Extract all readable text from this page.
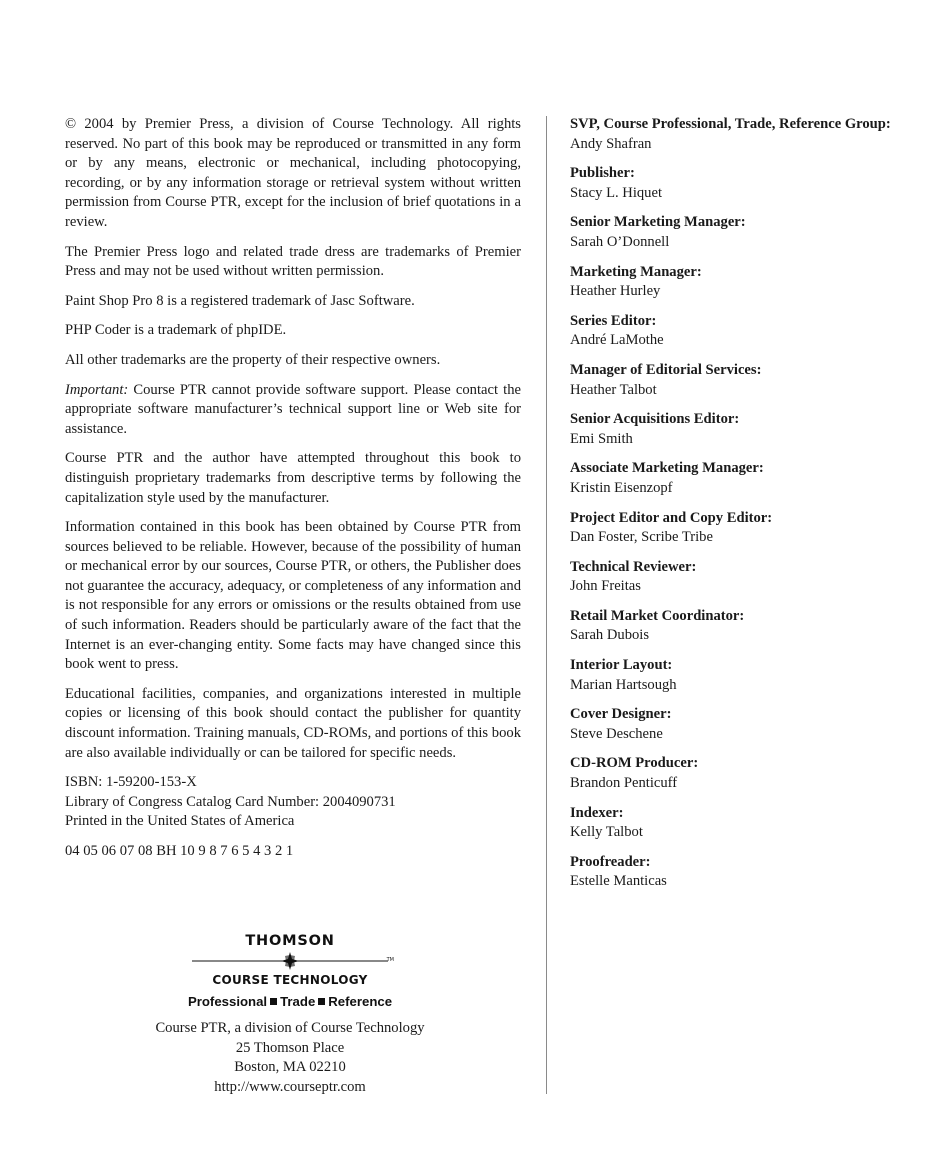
© 2004 by Premier Press, a division of Course Technology. All rights reserved. No part of this book may be reproduced or transmitted in any form or by any means, electronic or mechanical, including photocopying, recording, or by any information storage or retrieval system without written permission from Course PTR, except for the inclusion of brief quotations in a review.

The Premier Press logo and related trade dress are trademarks of Premier Press and may not be used without written permission.

Paint Shop Pro 8 is a registered trademark of Jasc Software.

PHP Coder is a trademark of phpIDE.

All other trademarks are the property of their respective owners.

Important: Course PTR cannot provide software support. Please contact the appropriate software manufacturer’s technical support line or Web site for assistance.

Course PTR and the author have attempted throughout this book to distinguish proprietary trademarks from descriptive terms by following the capitalization style used by the manufacturer.

Information contained in this book has been obtained by Course PTR from sources believed to be reliable. However, because of the possibility of human or mechanical error by our sources, Course PTR, or others, the Publisher does not guarantee the accuracy, adequacy, or completeness of any information and is not responsible for any errors or omissions or the results obtained from use of such information. Readers should be particularly aware of the fact that the Internet is an ever-changing entity. Some facts may have changed since this book went to press.

Educational facilities, companies, and organizations interested in multiple copies or licensing of this book should contact the publisher for quantity discount information. Training manuals, CD-ROMs, and portions of this book are also available individually or can be tailored for specific needs.

ISBN: 1-59200-153-X

Library of Congress Catalog Card Number: 2004090731

Printed in the United States of America

04 05 06 07 08 BH 10 9 8 7 6 5 4 3 2 1

THOMSON
TM
COURSE TECHNOLOGY
Professional Trade Reference
Course PTR, a division of Course Technology
25 Thomson Place
Boston, MA 02210
http://www.courseptr.com
SVP, Course Professional, Trade, Reference Group:
Andy Shafran
Publisher:
Stacy L. Hiquet
Senior Marketing Manager:
Sarah O’Donnell
Marketing Manager:
Heather Hurley
Series Editor:
André LaMothe
Manager of Editorial Services:
Heather Talbot
Senior Acquisitions Editor:
Emi Smith
Associate Marketing Manager:
Kristin Eisenzopf
Project Editor and Copy Editor:
Dan Foster, Scribe Tribe
Technical Reviewer:
John Freitas
Retail Market Coordinator:
Sarah Dubois
Interior Layout:
Marian Hartsough
Cover Designer:
Steve Deschene
CD-ROM Producer:
Brandon Penticuff
Indexer:
Kelly Talbot
Proofreader:
Estelle Manticas
